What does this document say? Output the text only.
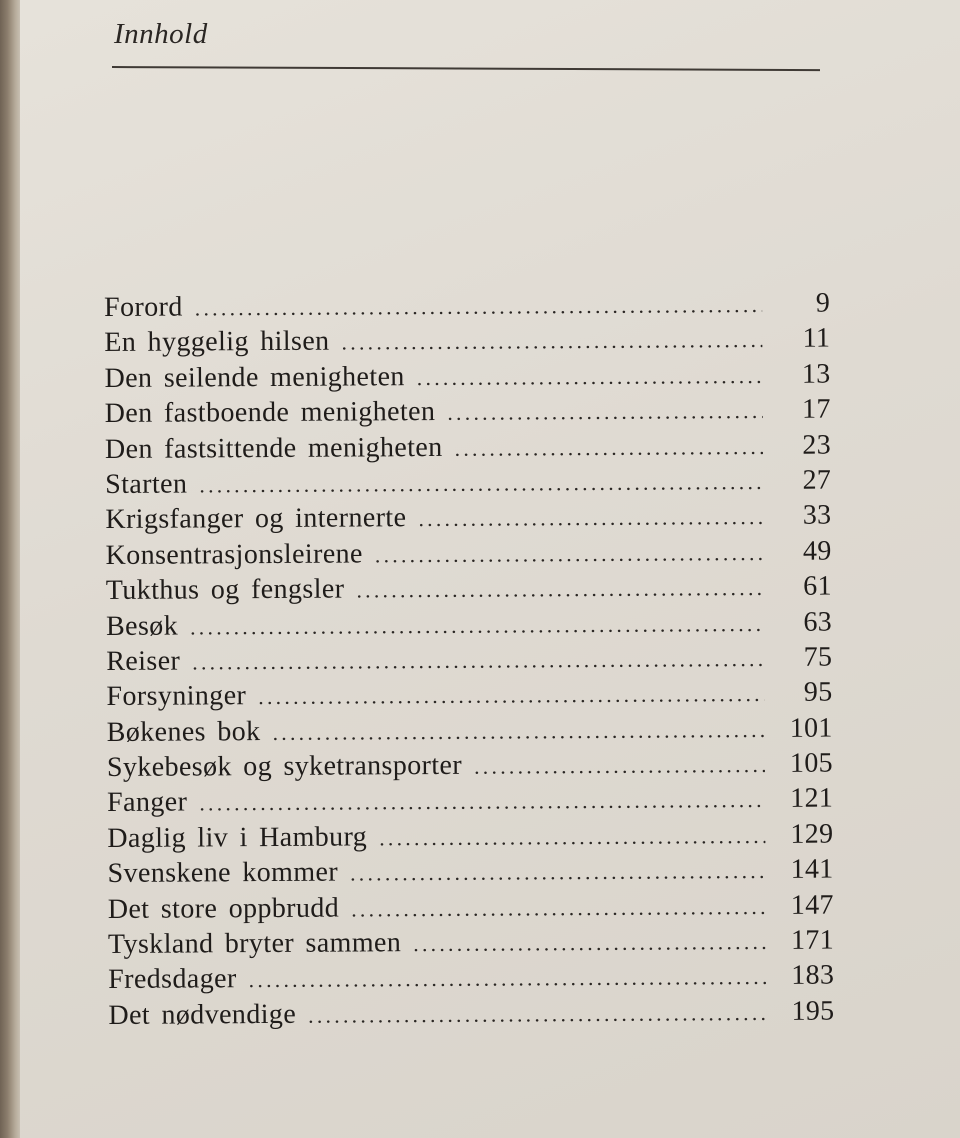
Innhold
Forord .....	9
En hyggelig hilsen .....	11
Den seilende menigheten .....	13
Den fastboende menigheten .....	17
Den fastsittende menigheten .....	23
Starten .....	27
Krigsfanger og internerte .....	33
Konsentrasjonsleirene .....	49
Tukthus og fengsler .....	61
Besøk .....	63
Reiser .....	75
Forsyninger .....	95
Bøkenes bok .....	101
Sykebesøk og syketransporter .....	105
Fanger .....	121
Daglig liv i Hamburg .....	129
Svenskene kommer .....	141
Det store oppbrudd .....	147
Tyskland bryter sammen .....	171
Fredsdager .....	183
Det nødvendige .....	195
